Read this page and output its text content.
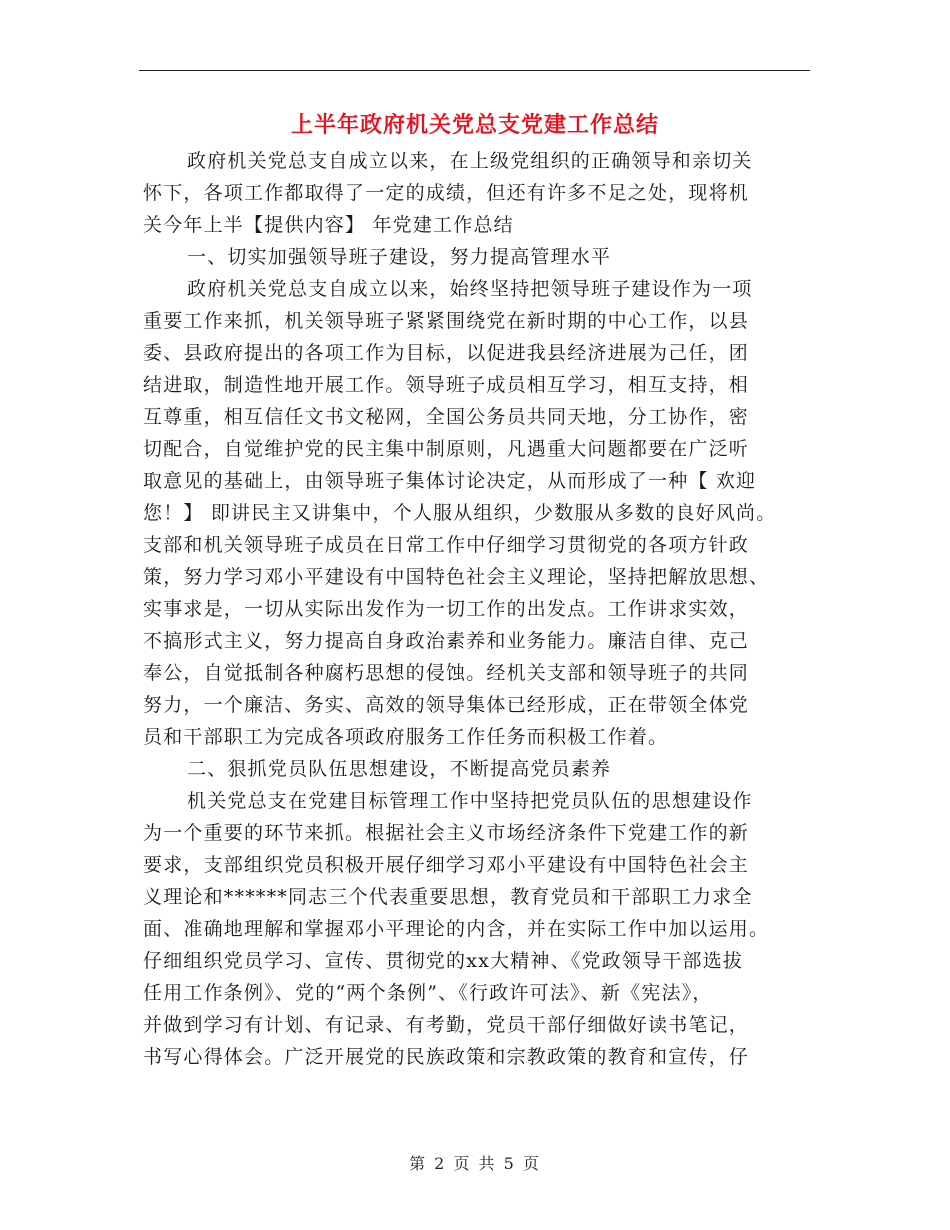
上半年政府机关党总支党建工作总结
政府机关党总支自成立以来，在上级党组织的正确领导和亲切关
怀下，各项工作都取得了一定的成绩，但还有许多不足之处，现将机
关今年上半【提供内容】 年党建工作总结
一、切实加强领导班子建设，努力提高管理水平
政府机关党总支自成立以来，始终坚持把领导班子建设作为一项
重要工作来抓，机关领导班子紧紧围绕党在新时期的中心工作，以县
委、县政府提出的各项工作为目标，以促进我县经济进展为己任，团
结进取，制造性地开展工作。领导班子成员相互学习，相互支持，相
互尊重，相互信任文书文秘网，全国公务员共同天地，分工协作，密
切配合，自觉维护党的民主集中制原则，凡遇重大问题都要在广泛听
取意见的基础上，由领导班子集体讨论决定，从而形成了一种【 欢迎
您！】 即讲民主又讲集中，个人服从组织，少数服从多数的良好风尚。
支部和机关领导班子成员在日常工作中仔细学习贯彻党的各项方针政
策，努力学习邓小平建设有中国特色社会主义理论，坚持把解放思想、
实事求是，一切从实际出发作为一切工作的出发点。工作讲求实效，
不搞形式主义，努力提高自身政治素养和业务能力。廉洁自律、克己
奉公，自觉抵制各种腐朽思想的侵蚀。经机关支部和领导班子的共同
努力，一个廉洁、务实、高效的领导集体已经形成，正在带领全体党
员和干部职工为完成各项政府服务工作任务而积极工作着。
二、狠抓党员队伍思想建设，不断提高党员素养
机关党总支在党建目标管理工作中坚持把党员队伍的思想建设作
为一个重要的环节来抓。根据社会主义市场经济条件下党建工作的新
要求，支部组织党员积极开展仔细学习邓小平建设有中国特色社会主
义理论和******同志三个代表重要思想，教育党员和干部职工力求全
面、准确地理解和掌握邓小平理论的内含，并在实际工作中加以运用。
仔细组织党员学习、宣传、贯彻党的xx大精神、《党政领导干部选拔
任用工作条例》、党的“两个条例”、《行政许可法》、新《宪法》，
并做到学习有计划、有记录、有考勤，党员干部仔细做好读书笔记，
书写心得体会。广泛开展党的民族政策和宗教政策的教育和宣传，仔
第 2 页 共 5 页
